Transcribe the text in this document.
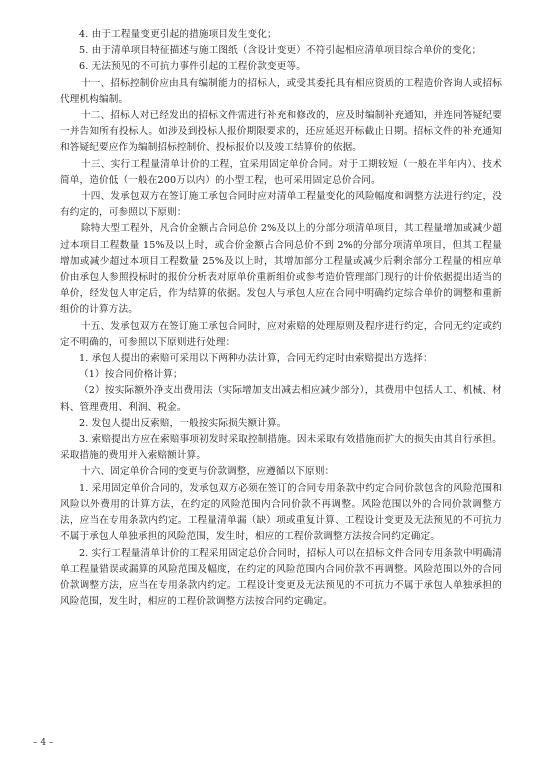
4. 由于工程量变更引起的措施项目发生变化；

5. 由于清单项目特征描述与施工图纸（含设计变更）不符引起相应清单项目综合单价的变化；

6. 无法预见的不可抗力事件引起的工程价款变更等。

十一、招标控制价应由具有编制能力的招标人，或受其委托具有相应资质的工程造价咨询人或招标代理机构编制。

十二、招标人对已经发出的招标文件需进行补充和修改的，应及时编制补充通知，并连同答疑纪要一并告知所有投标人。如涉及到投标人报价期限要求的，还应延迟开标截止日期。招标文件的补充通知和答疑纪要应作为编制招标控制价、投标报价以及竣工结算价的依据。

十三、实行工程量清单计价的工程，宜采用固定单价合同。对于工期较短（一般在半年内）、技术简单，造价低（一般在200万以内）的小型工程，也可采用固定总价合同。

十四、发承包双方在签订施工承包合同时应对清单工程量变化的风险幅度和调整方法进行约定，没有约定的，可参照以下原则：

除特大型工程外，凡合价金额占合同总价 2%及以上的分部分项清单项目，其工程量增加或减少超过本项目工程数量 15%及以上时，或合价金额占合同总价不到 2%的分部分项清单项目，但其工程量增加或减少超过本项目工程数量 25%及以上时，其增加部分工程量或减少后剩余部分工程量的相应单价由承包人参照投标时的报价分析表对原单价重新组价或参考造价管理部门现行的计价依据提出适当的单价，经发包人审定后，作为结算的依据。发包人与承包人应在合同中明确约定综合单价的调整和重新组价的计算方法。

十五、发承包双方在签订施工承包合同时，应对索赔的处理原则及程序进行约定，合同无约定或约定不明确的，可参照以下原则进行处理：

1. 承包人提出的索赔可采用以下两种办法计算，合同无约定时由索赔提出方选择：

（1）按合同价格计算；

（2）按实际额外净支出费用法（实际增加支出减去相应减少部分），其费用中包括人工、机械、材料、管理费用、利润、税金。

2. 发包人提出反索赔，一般按实际损失额计算。

3. 索赔提出方应在索赔事项初发时采取控制措施。因未采取有效措施而扩大的损失由其自行承担。采取措施的费用并入索赔额计算。

十六、固定单价合同的变更与价款调整，应遵循以下原则：

1. 采用固定单价合同的，发承包双方必须在签订的合同专用条款中约定合同价款包含的风险范围和风险以外费用的计算方法，在约定的风险范围内合同价款不再调整。风险范围以外的合同价款调整方法，应当在专用条款内约定。工程量清单漏（缺）项或重复计算、工程设计变更及无法预见的不可抗力不属于承包人单独承担的风险范围，发生时，相应的工程价款调整方法按合同约定确定。

2. 实行工程量清单计价的工程采用固定总价合同时，招标人可以在招标文件合同专用条款中明确清单工程量错误或漏算的风险范围及幅度，在约定的风险范围内合同价款不再调整。风险范围以外的合同价款调整方法，应当在专用条款内约定。工程设计变更及无法预见的不可抗力不属于承包人单独承担的风险范围，发生时，相应的工程价款调整方法按合同约定确定。

– 4 –
